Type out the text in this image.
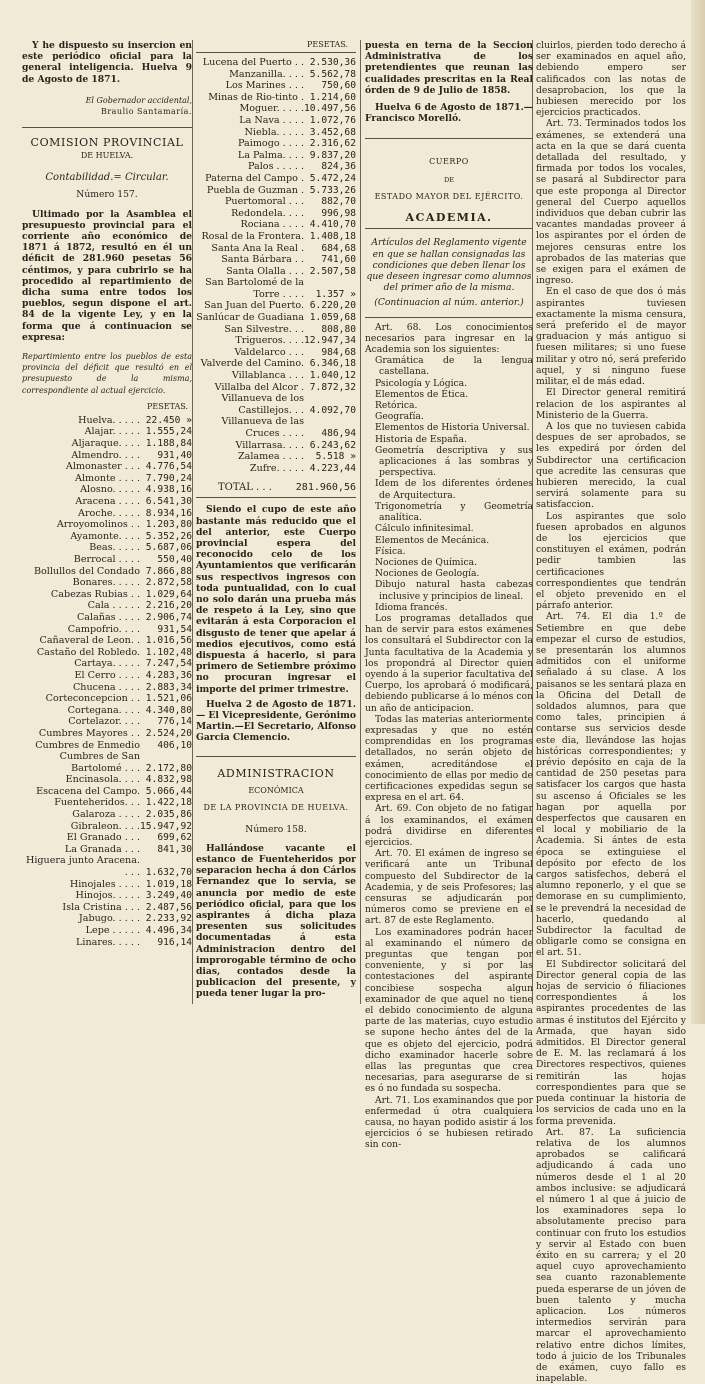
Y he dispuesto su insercion en este periódico oficial para la general inteligencia. Huelva 9 de Agosto de 1871.

El Gobernador accidental,

Braulio Santamaría.

COMISION PROVINCIAL
DE HUELVA.

Contabilidad.= Circular.

Número 157.

Ultimado por la Asamblea el presupuesto provincial para el corriente año económico de 1871 á 1872, resultó en él un déficit de 281.960 pesetas 56 céntimos, y para cubrirlo se ha procedido al repartimiento de dicha suma entre todos los pueblos, segun dispone el art. 84 de la vigente Ley, y en la forma que á continuacion se expresa:

Repartimiento entre los pueblos de esta provincia del déficit que resultó en el presupuesto de la misma, correspondiente al actual ejercicio.

PESETAS.
Huelva. . . . .	22.450 »
Alajar. . . . .	1.555,24
Aljaraque. . . .	1.188,84
Almendro. . . .	931,40
Almonaster . . .	4.776,54
Almonte . . . .	7.790,24
Alosno. . . . .	4.938,16
Aracena . . . .	6.541,30
Aroche. . . . .	8.934,16
Arroyomolinos . .	1.203,80
Ayamonte. . . .	5.352,26
Beas. . . . .	5.687,06
Berrocal . . . .	550,40
Bollullos del Condado	7.866,88
Bonares. . . . .	2.872,58
Cabezas Rubias . .	1.029,64
Cala . . . . .	2.216,20
Calañas . . . .	2.906,74
Campofrio. . . .	931,54
Cañaveral de Leon. .	1.016,56
Castaño del Robledo.	1.102,48
Cartaya. . . . .	7.247,54
El Cerro . . . .	4.283,36
Chucena . . . .	2.883,34
Corteconcepcion . .	1.521,06
Cortegana. . . .	4.340,80
Cortelazor. . . .	776,14
Cumbres Mayores . .	2.524,20
Cumbres de Enmedio	406,10
Cumbres de San Bartolomé . . .	2.172,80
Encinasola. . . .	4.832,98
Escacena del Campo.	5.066,44
Fuenteheridos. . .	1.422,18
Galaroza . . . .	2.035,86
Gibraleon. . . .	15.947,92
El Granado . . .	699,62
La Granada . . .	841,30
Higuera junto Aracena. . . .	1.632,70
Hinojales . . . .	1.019,18
Hinojos. . . . .	3.249,40
Isla Cristina . . .	2.487,56
Jabugo. . . . .	2.233,92
Lepe . . . . .	4.496,34
Linares. . . . .	916,14
PESETAS.
Lucena del Puerto . .	2.530,36
Manzanilla. . . .	5.562,78
Los Marines . . .	750,60
Minas de Rio-tinto .	1.214,60
Moguer. . . . .	10.497,56
La Nava . . . .	1.072,76
Niebla. . . . .	3.452,68
Paimogo . . . .	2.316,62
La Palma. . . .	9.837,20
Palos . . . . .	824,36
Paterna del Campo .	5.472,24
Puebla de Guzman .	5.733,26
Puertomoral . . .	882,70
Redondela. . . .	996,98
Rociana . . . .	4.410,70
Rosal de la Frontera.	1.408,18
Santa Ana la Real .	684,68
Santa Bárbara . .	741,60
Santa Olalla . . .	2.507,58
San Bartolomé de la Torre . . . .	1.357 »
San Juan del Puerto.	6.220,20
Sanlúcar de Guadiana	1.059,68
San Silvestre. . .	808,80
Trigueros. . . .	12.947,34
Valdelarco . . .	984,68
Valverde del Camino.	6.346,18
Villablanca . . .	1.040,12
Villalba del Alcor .	7.872,32
Villanueva de los Castillejos. . .	4.092,70
Villanueva de las Cruces . . . .	486,94
Villarrasa. . . .	6.243,62
Zalamea . . . .	5.518 »
Zufre. . . . .	4.223,44
TOTAL . . . 281.960,56

Siendo el cupo de este año bastante más reducido que el del anterior, este Cuerpo provincial espera del reconocido celo de los Ayuntamientos que verificarán sus respectivos ingresos con toda puntualidad, con lo cual no solo darán una prueba más de respeto á la Ley, sino que evitarán á esta Corporacion el disgusto de tener que apelar á medios ejecutivos, como está dispuesta á hacerlo, si para primero de Setiembre próximo no procuran ingresar el importe del primer trimestre.

Huelva 2 de Agosto de 1871.— El Vicepresidente, Gerónimo Martin.—El Secretario, Alfonso Garcia Clemencio.

ADMINISTRACION
ECONÓMICA
DE LA PROVINCIA DE HUELVA.

Número 158.

Hallándose vacante el estanco de Fuenteheridos por separacion hecha á don Cárlos Fernandez que lo servia, se anuncia por medio de este periódico oficial, para que los aspirantes á dicha plaza presenten sus solicitudes documentadas á esta Administracion dentro del improrogable término de ocho dias, contados desde la publicacion del presente, y pueda tener lugar la pro-

puesta en terna de la Seccion Administrativa de los pretendientes que reunan las cualidades prescritas en la Real órden de 9 de Julio de 1858.

Huelva 6 de Agosto de 1871.— Francisco Morelló.

CUERPO
DE
ESTADO MAYOR DEL EJÉRCITO.
ACADEMIA.

Artículos del Reglamento vigente en que se hallan consignadas las condiciones que deben llenar los que deseen ingresar como alumnos del primer año de la misma.

(Continuacion al núm. anterior.)

Art. 68. Los conocimientos necesarios para ingresar en la Academia son los siguientes:

Gramática de la lengua castellana.

Psicología y Lógica.

Elementos de Ética.

Retórica.

Geografía.

Elementos de Historia Universal.

Historia de España.

Geometría descriptiva y sus aplicaciones á las sombras y perspectiva.

Idem de los diferentes órdenes de Arquitectura.

Trigonometría y Geometría analítica.

Cálculo infinitesimal.

Elementos de Mecánica.

Física.

Nociones de Química.

Nociones de Geología.

Dibujo natural hasta cabezas inclusive y principios de lineal.

Idioma francés.

Los programas detallados que han de servir para estos exámenes los consultará el Subdirector con la Junta facultativa de la Academia y los propondrá al Director quien oyendo á la superior facultativa del Cuerpo, los aprobará ó modificará, debiendo publicarse á lo ménos con un año de anticipacion.

Todas las materias anteriormente expresadas y que no estén comprendidas en los programas detallados, no serán objeto de exámen, acreditándose el conocimiento de ellas por medio de certificaciones expedidas segun se expresa en el art. 64.

Art. 69. Con objeto de no fatigar á los examinandos, el exámen podrá dividirse en diferentes ejercicios.

Art. 70. El exámen de ingreso se verificará ante un Tribunal compuesto del Subdirector de la Academia, y de seis Profesores; las censuras se adjudicarán por números como se previene en el art. 87 de este Reglamento.

Los examinadores podrán hacer al examinando el número de preguntas que tengan por conveniente, y si por las contestaciones del aspirante concibiese sospecha algun examinador de que aquel no tiene el debido conocimiento de alguna parte de las materias, cuyo estudio se supone hecho ántes del de la que es objeto del ejercicio, podrá dicho examinador hacerle sobre ellas las preguntas que crea necesarias, para asegurarse de si es ó no fundada su sospecha.

Art. 71. Los examinandos que por enfermedad ú otra cualquiera causa, no hayan podido asistir á los ejercicios ó se hubiesen retirado sin con-

cluirlos, pierden todo derecho á ser examinados en aquel año, debiendo empero ser calificados con las notas de desaprobacion, los que la hubiesen merecido por los ejercicios practicados.

Art. 73. Terminados todos los exámenes, se extenderá una acta en la que se dará cuenta detallada del resultado, y firmada por todos los vocales, se pasará al Subdirector para que este proponga al Director general del Cuerpo aquellos individuos que deban cubrir las vacantes mandadas proveer á los aspirantes por el órden de mejores censuras entre los aprobados de las materias que se exigen para el exámen de ingreso.

En el caso de que dos ó más aspirantes tuviesen exactamente la misma censura, será preferido el de mayor graduacion y más antiguo si fuesen militares; si uno fuese militar y otro nó, será preferido aquel, y si ninguno fuese militar, el de más edad.

El Director general remitirá relacion de los aspirantes al Ministerio de la Guerra.

A los que no tuviesen cabida despues de ser aprobados, se les expedirá por órden del Subdirector una certificacion que acredite las censuras que hubieren merecido, la cual servirá solamente para su satisfaccion.

Los aspirantes que solo fuesen aprobados en algunos de los ejercicios que constituyen el exámen, podrán pedir tambien las certificaciones correspondientes que tendrán el objeto prevenido en el párrafo anterior.

Art. 74. El dia 1.º de Setiembre en que debe empezar el curso de estudios, se presentarán los alumnos admitidos con el uniforme señalado á su clase. A los paisanos se les sentará plaza en la Oficina del Detall de soldados alumnos, para que como tales, principien á contarse sus servicios desde este dia, llevándose las hojas históricas correspondientes; y prévio depósito en caja de la cantidad de 250 pesetas para satisfacer los cargos que hasta su ascenso á Oficiales se les hagan por aquella por desperfectos que causaren en el local y mobiliario de la Academia. Si ántes de esta época se extinguiese el depósito por efecto de los cargos satisfechos, deberá el alumno reponerlo, y el que se demorase en su cumplimiento, se le prevendrá la necesidad de hacerlo, quedando al Subdirector la facultad de obligarle como se consigna en el art. 51.

El Subdirector solicitará del Director general copia de las hojas de servicio ó filiaciones correspondientes á los aspirantes procedentes de las armas é institutos del Ejército y Armada, que hayan sido admitidos. El Director general de E. M. las reclamará á los Directores respectivos, quienes remitirán las hojas correspondientes para que se pueda continuar la historia de los servicios de cada uno en la forma prevenida.

Art. 87. La suficiencia relativa de los alumnos aprobados se calificará adjudicando á cada uno números desde el 1 al 20 ambos inclusive: se adjudicará el número 1 al que á juicio de los examinadores sepa lo absolutamente preciso para continuar con fruto los estudios y servir al Estado con buen éxito en su carrera; y el 20 aquel cuyo aprovechamiento sea cuanto razonablemente pueda esperarse de un jóven de buen talento y mucha aplicacion. Los números intermedios servirán para marcar el aprovechamiento relativo entre dichos límites, todo á juicio de los Tribunales de exámen, cuyo fallo es inapelable.
